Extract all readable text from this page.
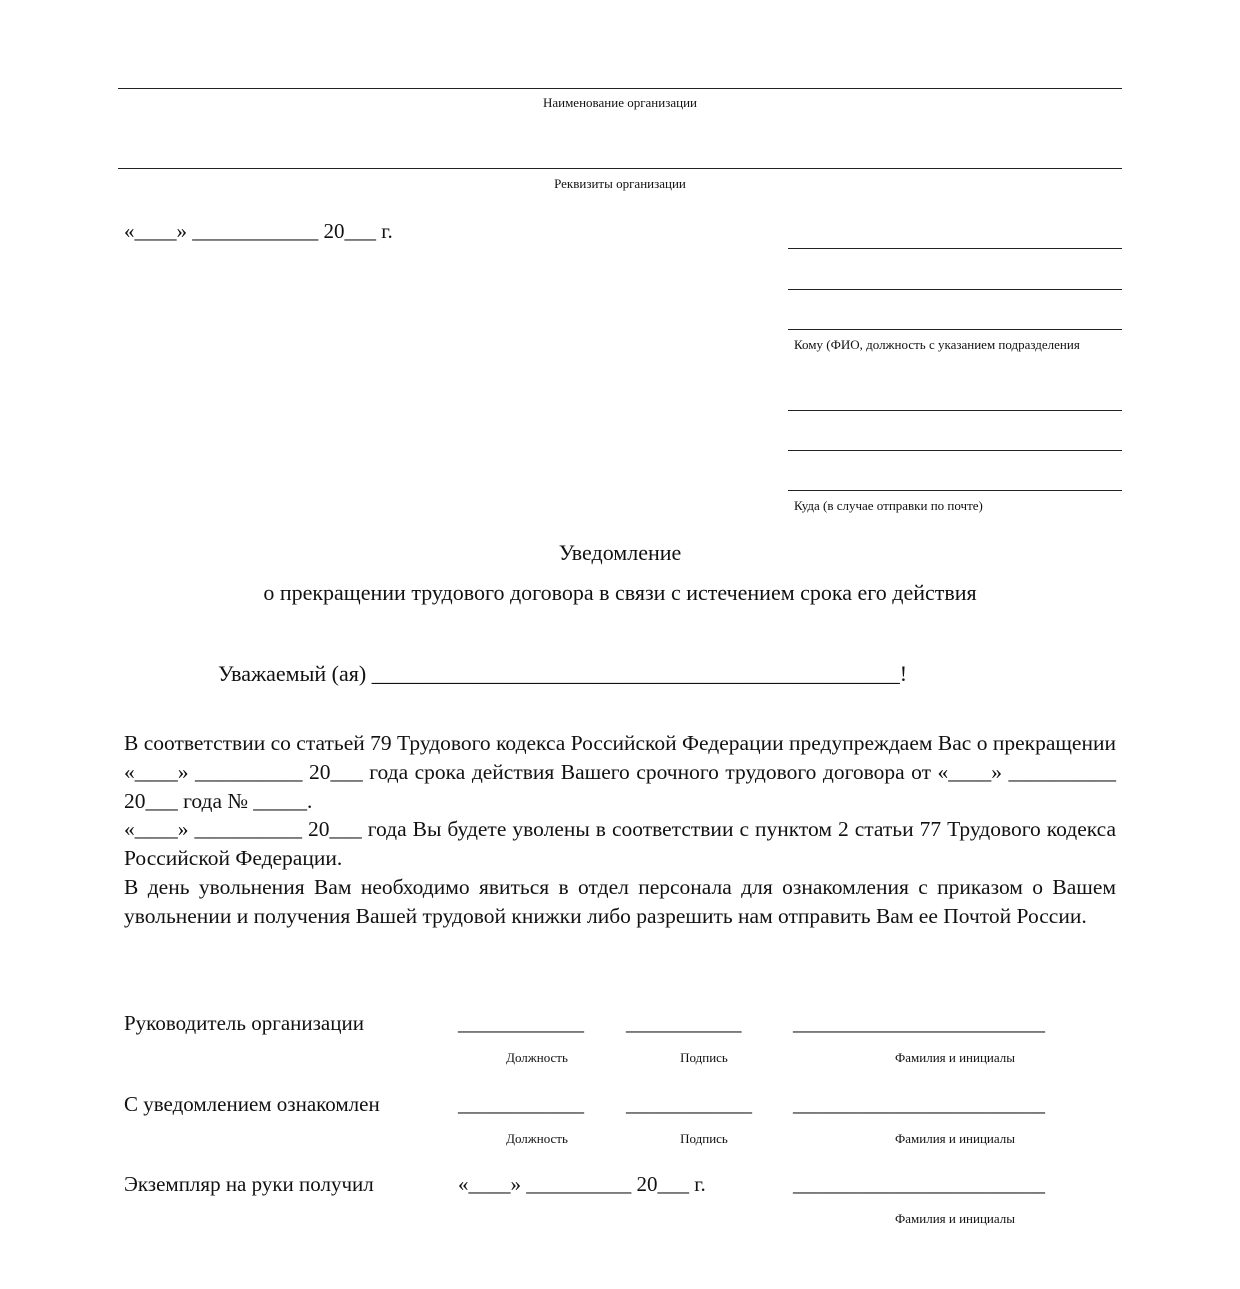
Наименование организации
Реквизиты организации
«____» ____________ 20___ г.
Кому (ФИО, должность с указанием подразделения
Куда (в случае отправки по почте)
Уведомление
о прекращении трудового договора в связи с истечением срока его действия
Уважаемый (ая) ________________________________________________!

В соответствии со статьей 79 Трудового кодекса Российской Федерации предупреждаем Вас о прекращении «____» __________ 20___ года срока действия Вашего срочного трудового договора от «____» __________ 20___ года № _____.

«____» __________ 20___ года Вы будете уволены в соответствии с пунктом 2 статьи 77 Трудового кодекса Российской Федерации.

В день увольнения Вам необходимо явиться в отдел персонала для ознакомления с приказом о Вашем увольнении и получения Вашей трудовой книжки либо разрешить нам отправить Вам ее Почтой России.

Руководитель организации	____________ ___________ ________________________
Должность	Подпись	Фамилия и инициалы
С уведомлением ознакомлен	____________ ____________ ________________________
Должность	Подпись	Фамилия и инициалы
Экземпляр на руки получил	«____» __________ 20___ г.	________________________
Фамилия и инициалы
